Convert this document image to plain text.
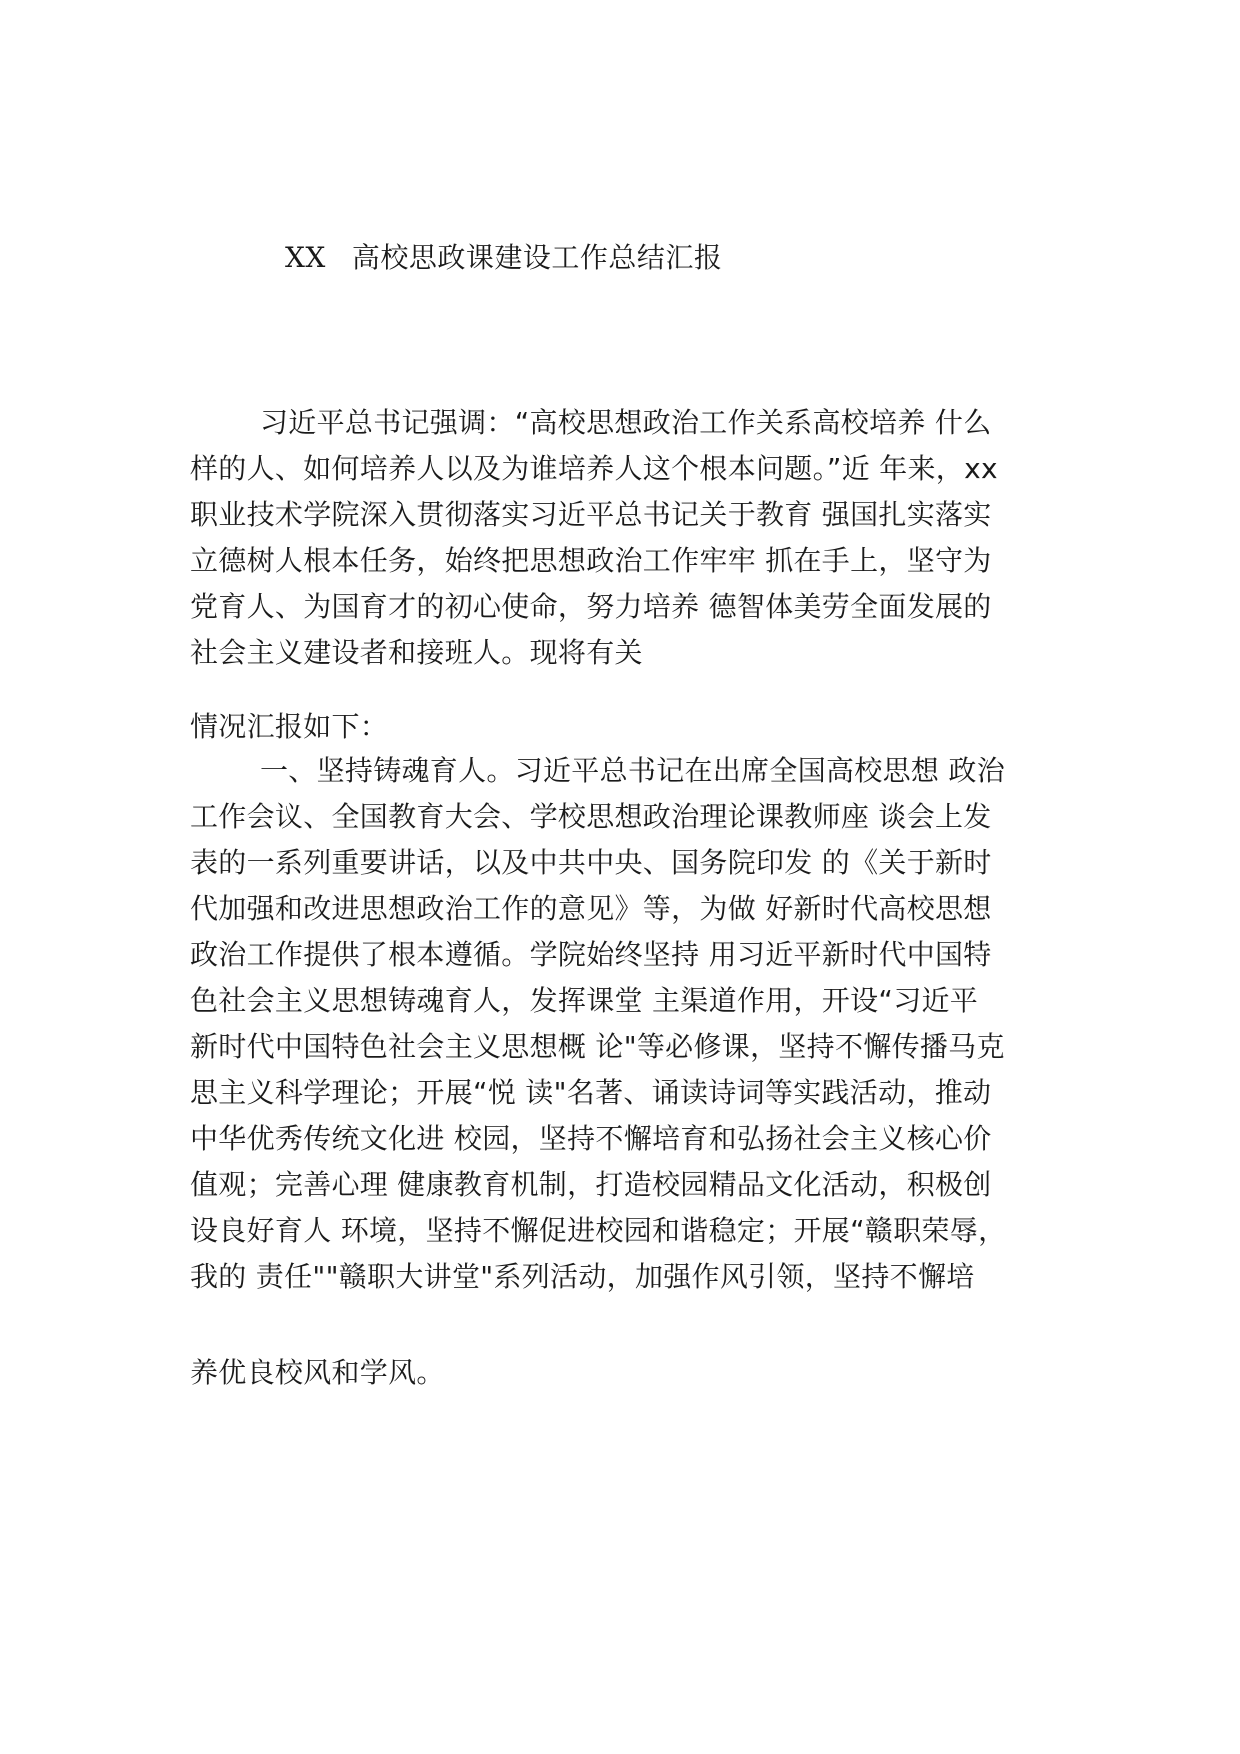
XX 高校思政课建设工作总结汇报
习近平总书记强调：“高校思想政治工作关系高校培养 什么
样的人、如何培养人以及为谁培养人这个根本问题。”近 年来，xx
职业技术学院深入贯彻落实习近平总书记关于教育 强国扎实落实
立德树人根本任务，始终把思想政治工作牢牢 抓在手上，坚守为
党育人、为国育才的初心使命，努力培养 德智体美劳全面发展的
社会主义建设者和接班人。现将有关
情况汇报如下：
一、坚持铸魂育人。习近平总书记在出席全国高校思想 政治
工作会议、全国教育大会、学校思想政治理论课教师座 谈会上发
表的一系列重要讲话，以及中共中央、国务院印发 的《关于新时
代加强和改进思想政治工作的意见》等，为做 好新时代高校思想
政治工作提供了根本遵循。学院始终坚持 用习近平新时代中国特
色社会主义思想铸魂育人，发挥课堂 主渠道作用，开设“习近平
新时代中国特色社会主义思想概 论"等必修课，坚持不懈传播马克
思主义科学理论；开展“悦 读"名著、诵读诗词等实践活动，推动
中华优秀传统文化进 校园，坚持不懈培育和弘扬社会主义核心价
值观；完善心理 健康教育机制，打造校园精品文化活动，积极创
设良好育人 环境，坚持不懈促进校园和谐稳定；开展“赣职荣辱，
我的 责任""赣职大讲堂"系列活动，加强作风引领，坚持不懈培
养优良校风和学风。
